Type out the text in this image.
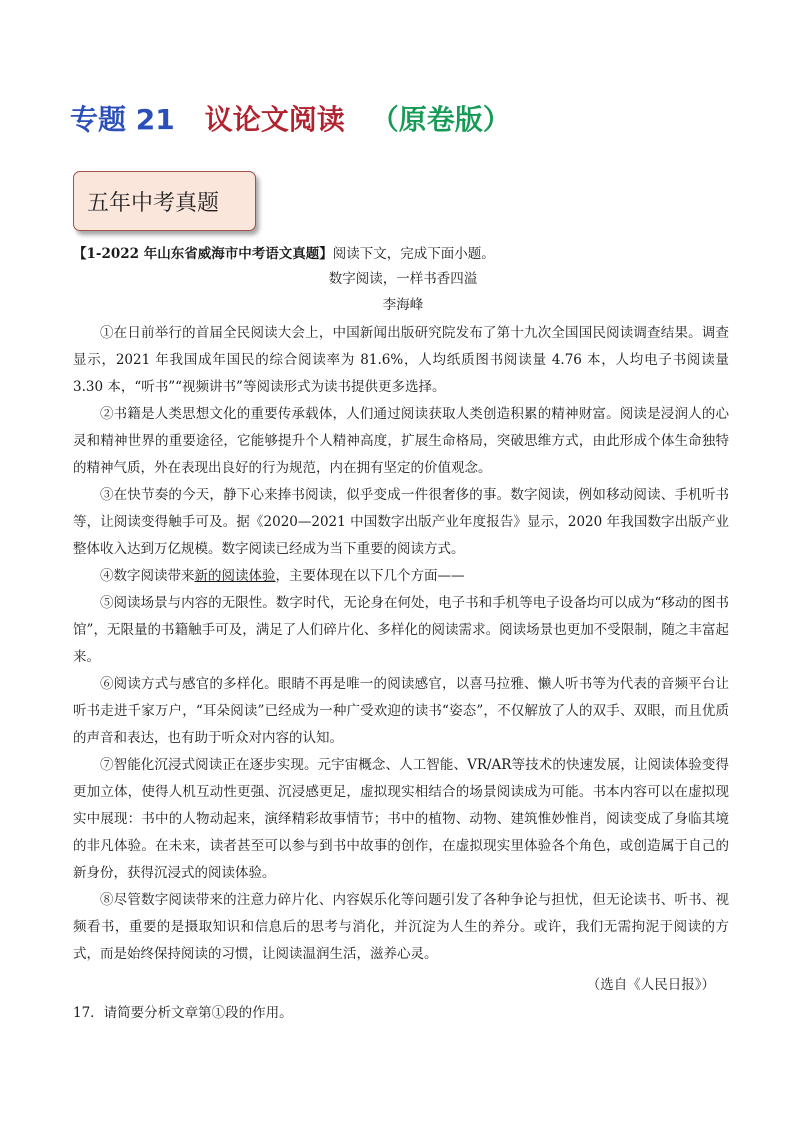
专题 21 议论文阅读 （原卷版）
五年中考真题
【1-2022 年山东省威海市中考语文真题】阅读下文，完成下面小题。
数字阅读，一样书香四溢
李海峰

①在日前举行的首届全民阅读大会上，中国新闻出版研究院发布了第十九次全国国民阅读调查结果。调查显示，2021 年我国成年国民的综合阅读率为 81.6%，人均纸质图书阅读量 4.76 本，人均电子书阅读量 3.30 本，“听书”“视频讲书”等阅读形式为读书提供更多选择。

②书籍是人类思想文化的重要传承载体，人们通过阅读获取人类创造积累的精神财富。阅读是浸润人的心灵和精神世界的重要途径，它能够提升个人精神高度，扩展生命格局，突破思维方式，由此形成个体生命独特的精神气质，外在表现出良好的行为规范，内在拥有坚定的价值观念。

③在快节奏的今天，静下心来捧书阅读，似乎变成一件很奢侈的事。数字阅读，例如移动阅读、手机听书等，让阅读变得触手可及。据《2020—2021 中国数字出版产业年度报告》显示，2020 年我国数字出版产业整体收入达到万亿规模。数字阅读已经成为当下重要的阅读方式。

④数字阅读带来新的阅读体验，主要体现在以下几个方面——

⑤阅读场景与内容的无限性。数字时代，无论身在何处，电子书和手机等电子设备均可以成为“移动的图书馆”，无限量的书籍触手可及，满足了人们碎片化、多样化的阅读需求。阅读场景也更加不受限制，随之丰富起来。

⑥阅读方式与感官的多样化。眼睛不再是唯一的阅读感官，以喜马拉雅、懒人听书等为代表的音频平台让听书走进千家万户，“耳朵阅读”已经成为一种广受欢迎的读书“姿态”，不仅解放了人的双手、双眼，而且优质的声音和表达，也有助于听众对内容的认知。

⑦智能化沉浸式阅读正在逐步实现。元宇宙概念、人工智能、VR/AR等技术的快速发展，让阅读体验变得更加立体，使得人机互动性更强、沉浸感更足，虚拟现实相结合的场景阅读成为可能。书本内容可以在虚拟现实中展现：书中的人物动起来，演绎精彩故事情节；书中的植物、动物、建筑惟妙惟肖，阅读变成了身临其境的非凡体验。在未来，读者甚至可以参与到书中故事的创作，在虚拟现实里体验各个角色，或创造属于自己的新身份，获得沉浸式的阅读体验。

⑧尽管数字阅读带来的注意力碎片化、内容娱乐化等问题引发了各种争论与担忧，但无论读书、听书、视频看书，重要的是摄取知识和信息后的思考与消化，并沉淀为人生的养分。或许，我们无需拘泥于阅读的方式，而是始终保持阅读的习惯，让阅读温润生活，滋养心灵。

（选自《人民日报》）
17．请简要分析文章第①段的作用。
